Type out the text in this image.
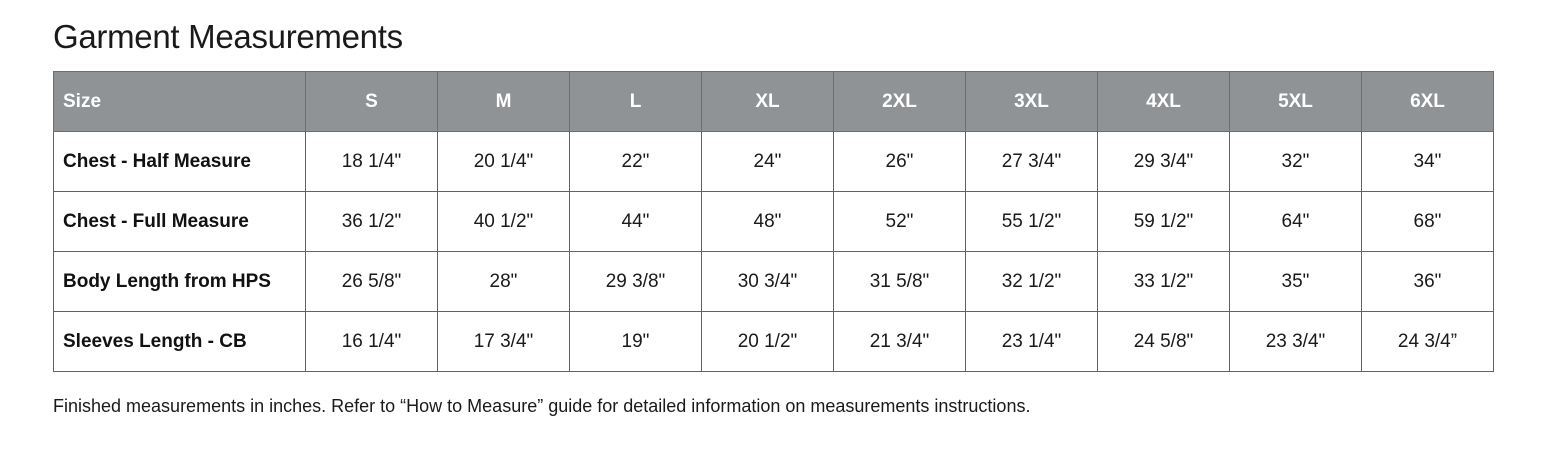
Garment Measurements
Size	S	M	L	XL	2XL	3XL	4XL	5XL	6XL
Chest - Half Measure	18 1/4"	20 1/4"	22"	24"	26"	27 3/4"	29 3/4"	32"	34"
Chest - Full Measure	36 1/2"	40 1/2"	44"	48"	52"	55 1/2"	59 1/2"	64"	68"
Body Length from HPS	26 5/8"	28"	29 3/8"	30 3/4"	31 5/8"	32 1/2"	33 1/2"	35"	36"
Sleeves Length - CB	16 1/4"	17 3/4"	19"	20 1/2"	21 3/4"	23 1/4"	24 5/8"	23 3/4"	24 3/4”

Finished measurements in inches. Refer to “How to Measure” guide for detailed information on measurements instructions.
